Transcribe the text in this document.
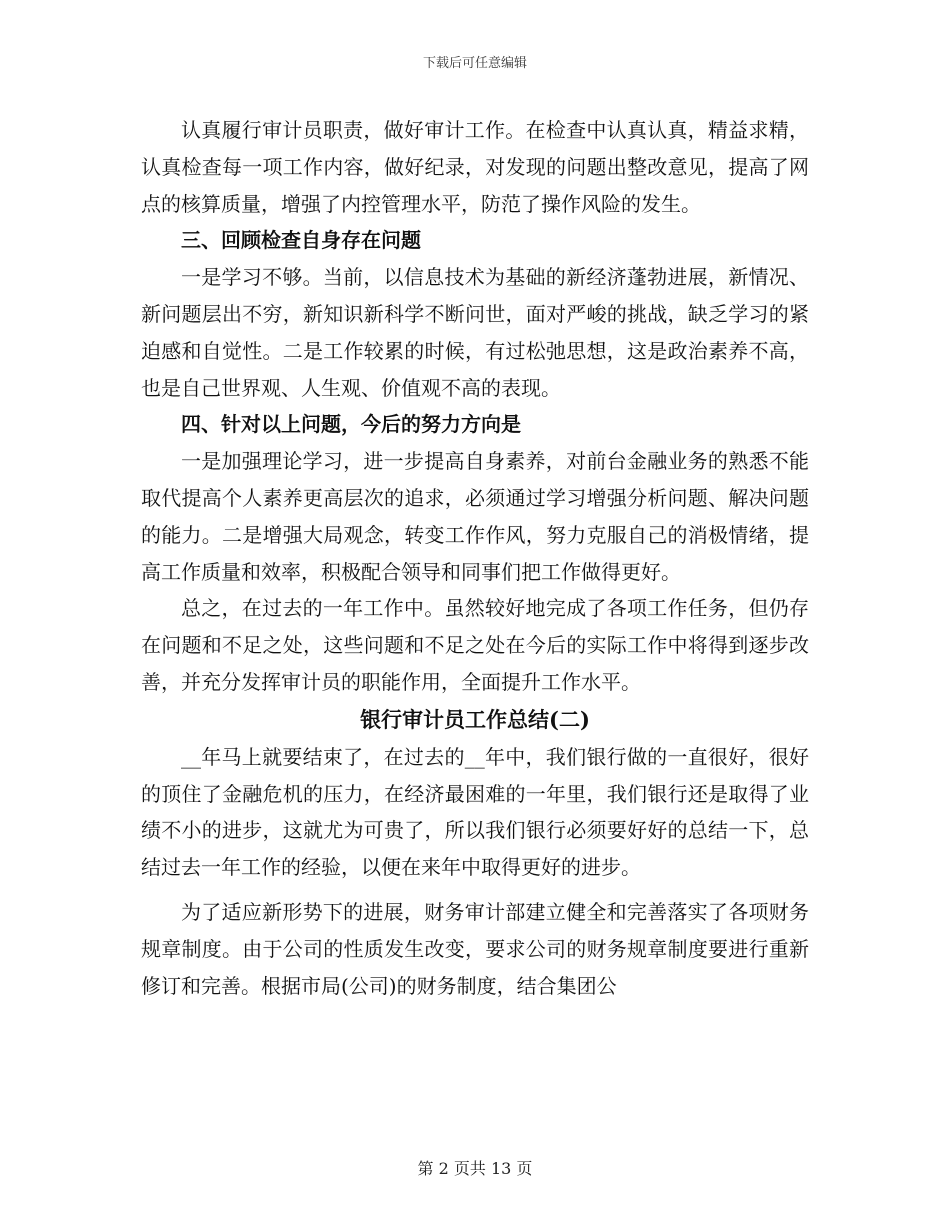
下载后可任意编辑

认真履行审计员职责，做好审计工作。在检查中认真认真，精益求精，认真检查每一项工作内容，做好纪录，对发现的问题出整改意见，提高了网点的核算质量，增强了内控管理水平，防范了操作风险的发生。

三、回顾检查自身存在问题

一是学习不够。当前，以信息技术为基础的新经济蓬勃进展，新情况、新问题层出不穷，新知识新科学不断问世，面对严峻的挑战，缺乏学习的紧迫感和自觉性。二是工作较累的时候，有过松弛思想，这是政治素养不高，也是自己世界观、人生观、价值观不高的表现。

四、针对以上问题，今后的努力方向是

一是加强理论学习，进一步提高自身素养，对前台金融业务的熟悉不能取代提高个人素养更高层次的追求，必须通过学习增强分析问题、解决问题的能力。二是增强大局观念，转变工作作风，努力克服自己的消极情绪，提高工作质量和效率，积极配合领导和同事们把工作做得更好。

总之，在过去的一年工作中。虽然较好地完成了各项工作任务，但仍存在问题和不足之处，这些问题和不足之处在今后的实际工作中将得到逐步改善，并充分发挥审计员的职能作用，全面提升工作水平。

银行审计员工作总结(二)

__年马上就要结束了，在过去的__年中，我们银行做的一直很好，很好的顶住了金融危机的压力，在经济最困难的一年里，我们银行还是取得了业绩不小的进步，这就尤为可贵了，所以我们银行必须要好好的总结一下，总结过去一年工作的经验，以便在来年中取得更好的进步。

为了适应新形势下的进展，财务审计部建立健全和完善落实了各项财务规章制度。由于公司的性质发生改变，要求公司的财务规章制度要进行重新修订和完善。根据市局(公司)的财务制度，结合集团公

第 2 页共 13 页
